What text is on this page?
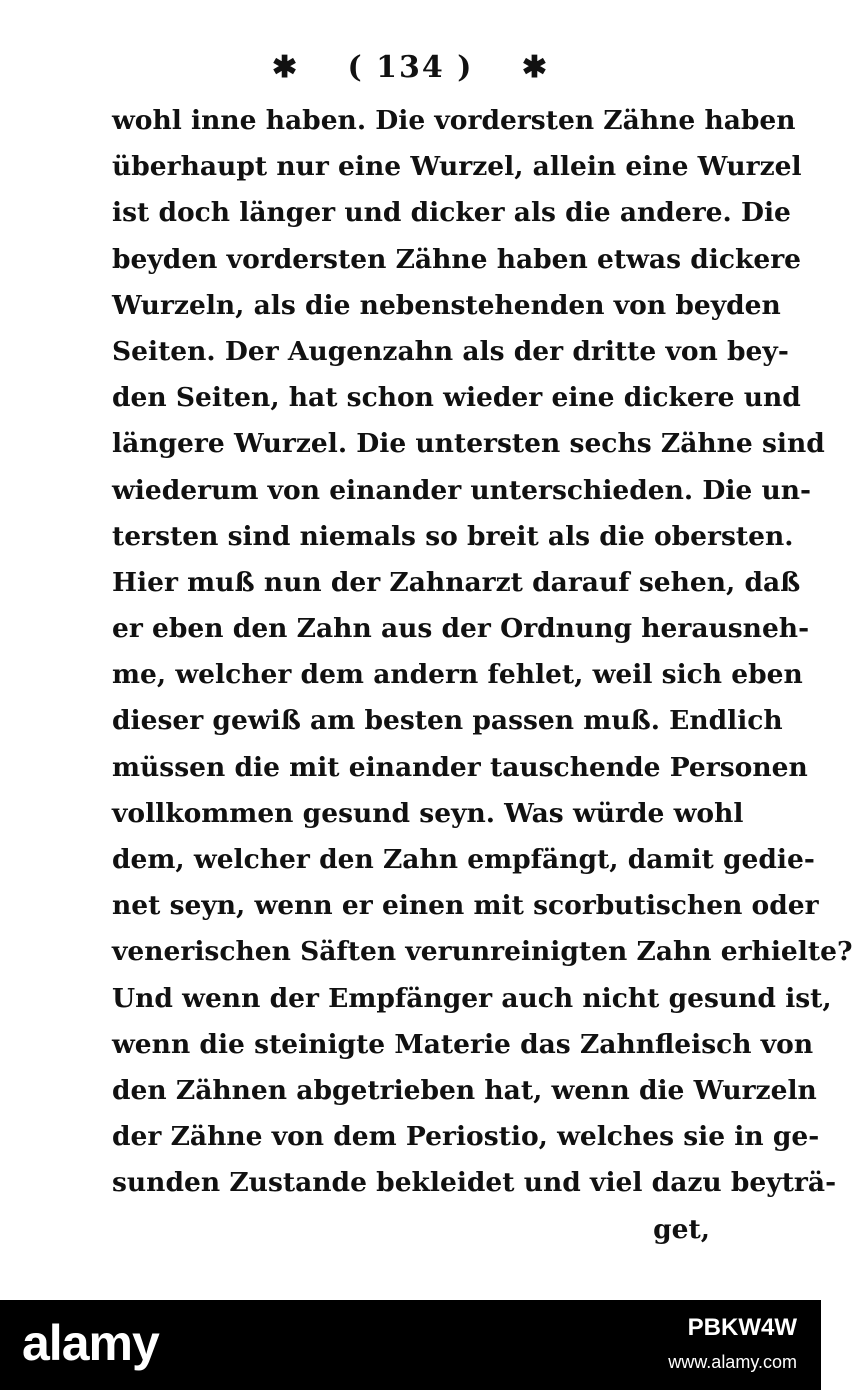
✱ ( 134 ) ✱
wohl inne haben. Die vordersten Zähne haben
überhaupt nur eine Wurzel, allein eine Wurzel
ist doch länger und dicker als die andere. Die
beyden vordersten Zähne haben etwas dickere
Wurzeln, als die nebenstehenden von beyden
Seiten. Der Augenzahn als der dritte von bey-
den Seiten, hat schon wieder eine dickere und
längere Wurzel. Die untersten sechs Zähne sind
wiederum von einander unterschieden. Die un-
tersten sind niemals so breit als die obersten.
Hier muß nun der Zahnarzt darauf sehen, daß
er eben den Zahn aus der Ordnung herausneh-
me, welcher dem andern fehlet, weil sich eben
dieser gewiß am besten passen muß. Endlich
müssen die mit einander tauschende Personen
vollkommen gesund seyn. Was würde wohl
dem, welcher den Zahn empfängt, damit gedie-
net seyn, wenn er einen mit scorbutischen oder
venerischen Säften verunreinigten Zahn erhielte?
Und wenn der Empfänger auch nicht gesund ist,
wenn die steinigte Materie das Zahnfleisch von
den Zähnen abgetrieben hat, wenn die Wurzeln
der Zähne von dem Periostio, welches sie in ge-
sunden Zustande bekleidet und viel dazu beyträ-
get,
alamy	PBKW4W
www.alamy.com
